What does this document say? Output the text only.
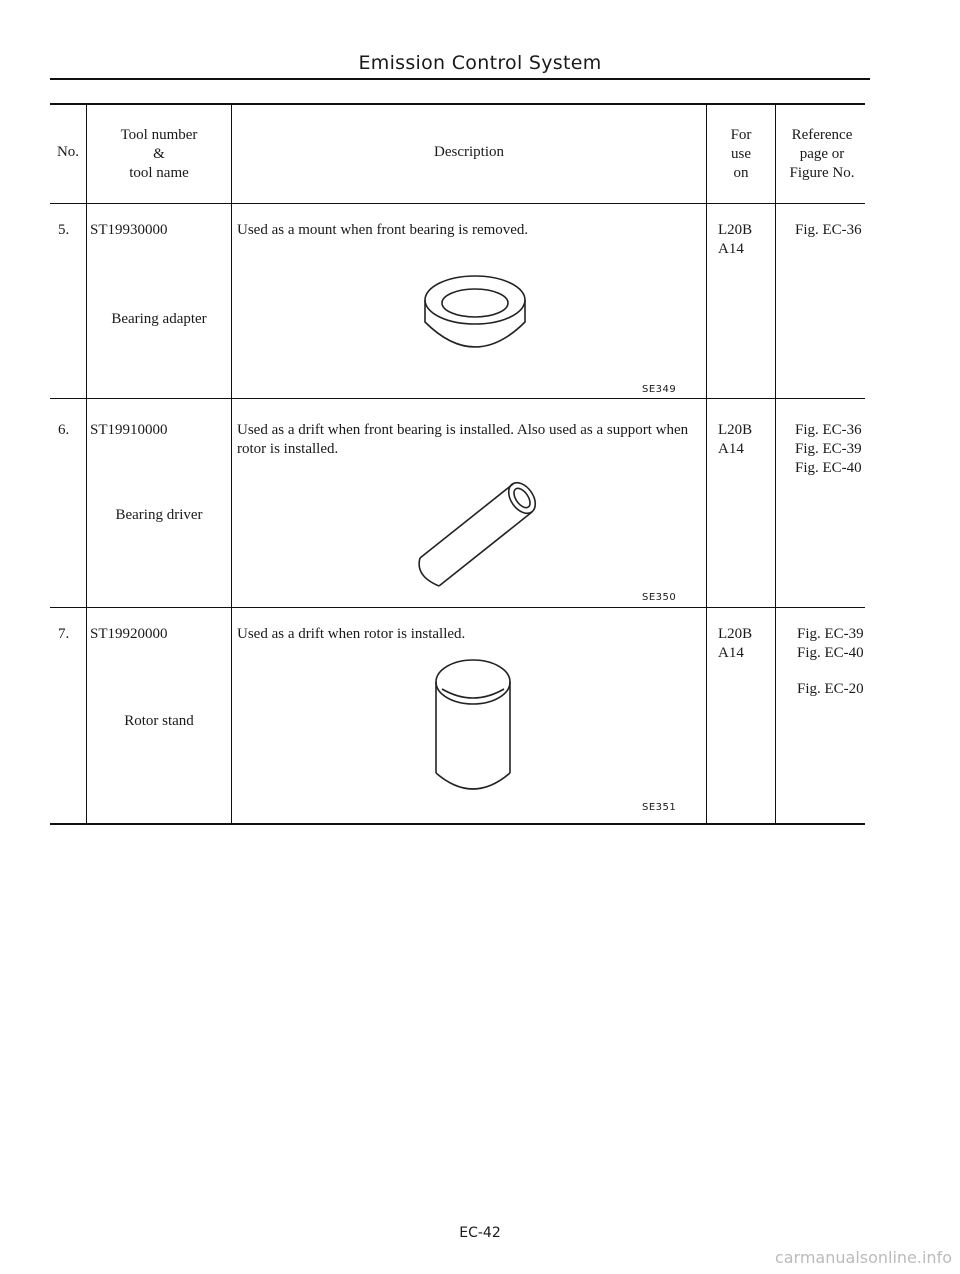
Emission Control System
No.
Tool number
&
tool name
Description
For
use
on
Reference
page or
Figure No.
5. ST19930000
Bearing adapter
Used as a mount when front bearing is removed.
SE349
L20B
A14
Fig. EC-36
6. ST19910000
Bearing driver
Used as a drift when front bearing is installed. Also used as a support when rotor is installed.
SE350
L20B
A14
Fig. EC-36
Fig. EC-39
Fig. EC-40
7. ST19920000
Rotor stand
Used as a drift when rotor is installed.
SE351
L20B
A14
Fig. EC-39
Fig. EC-40
Fig. EC-20
EC-42
carmanualsonline.info
